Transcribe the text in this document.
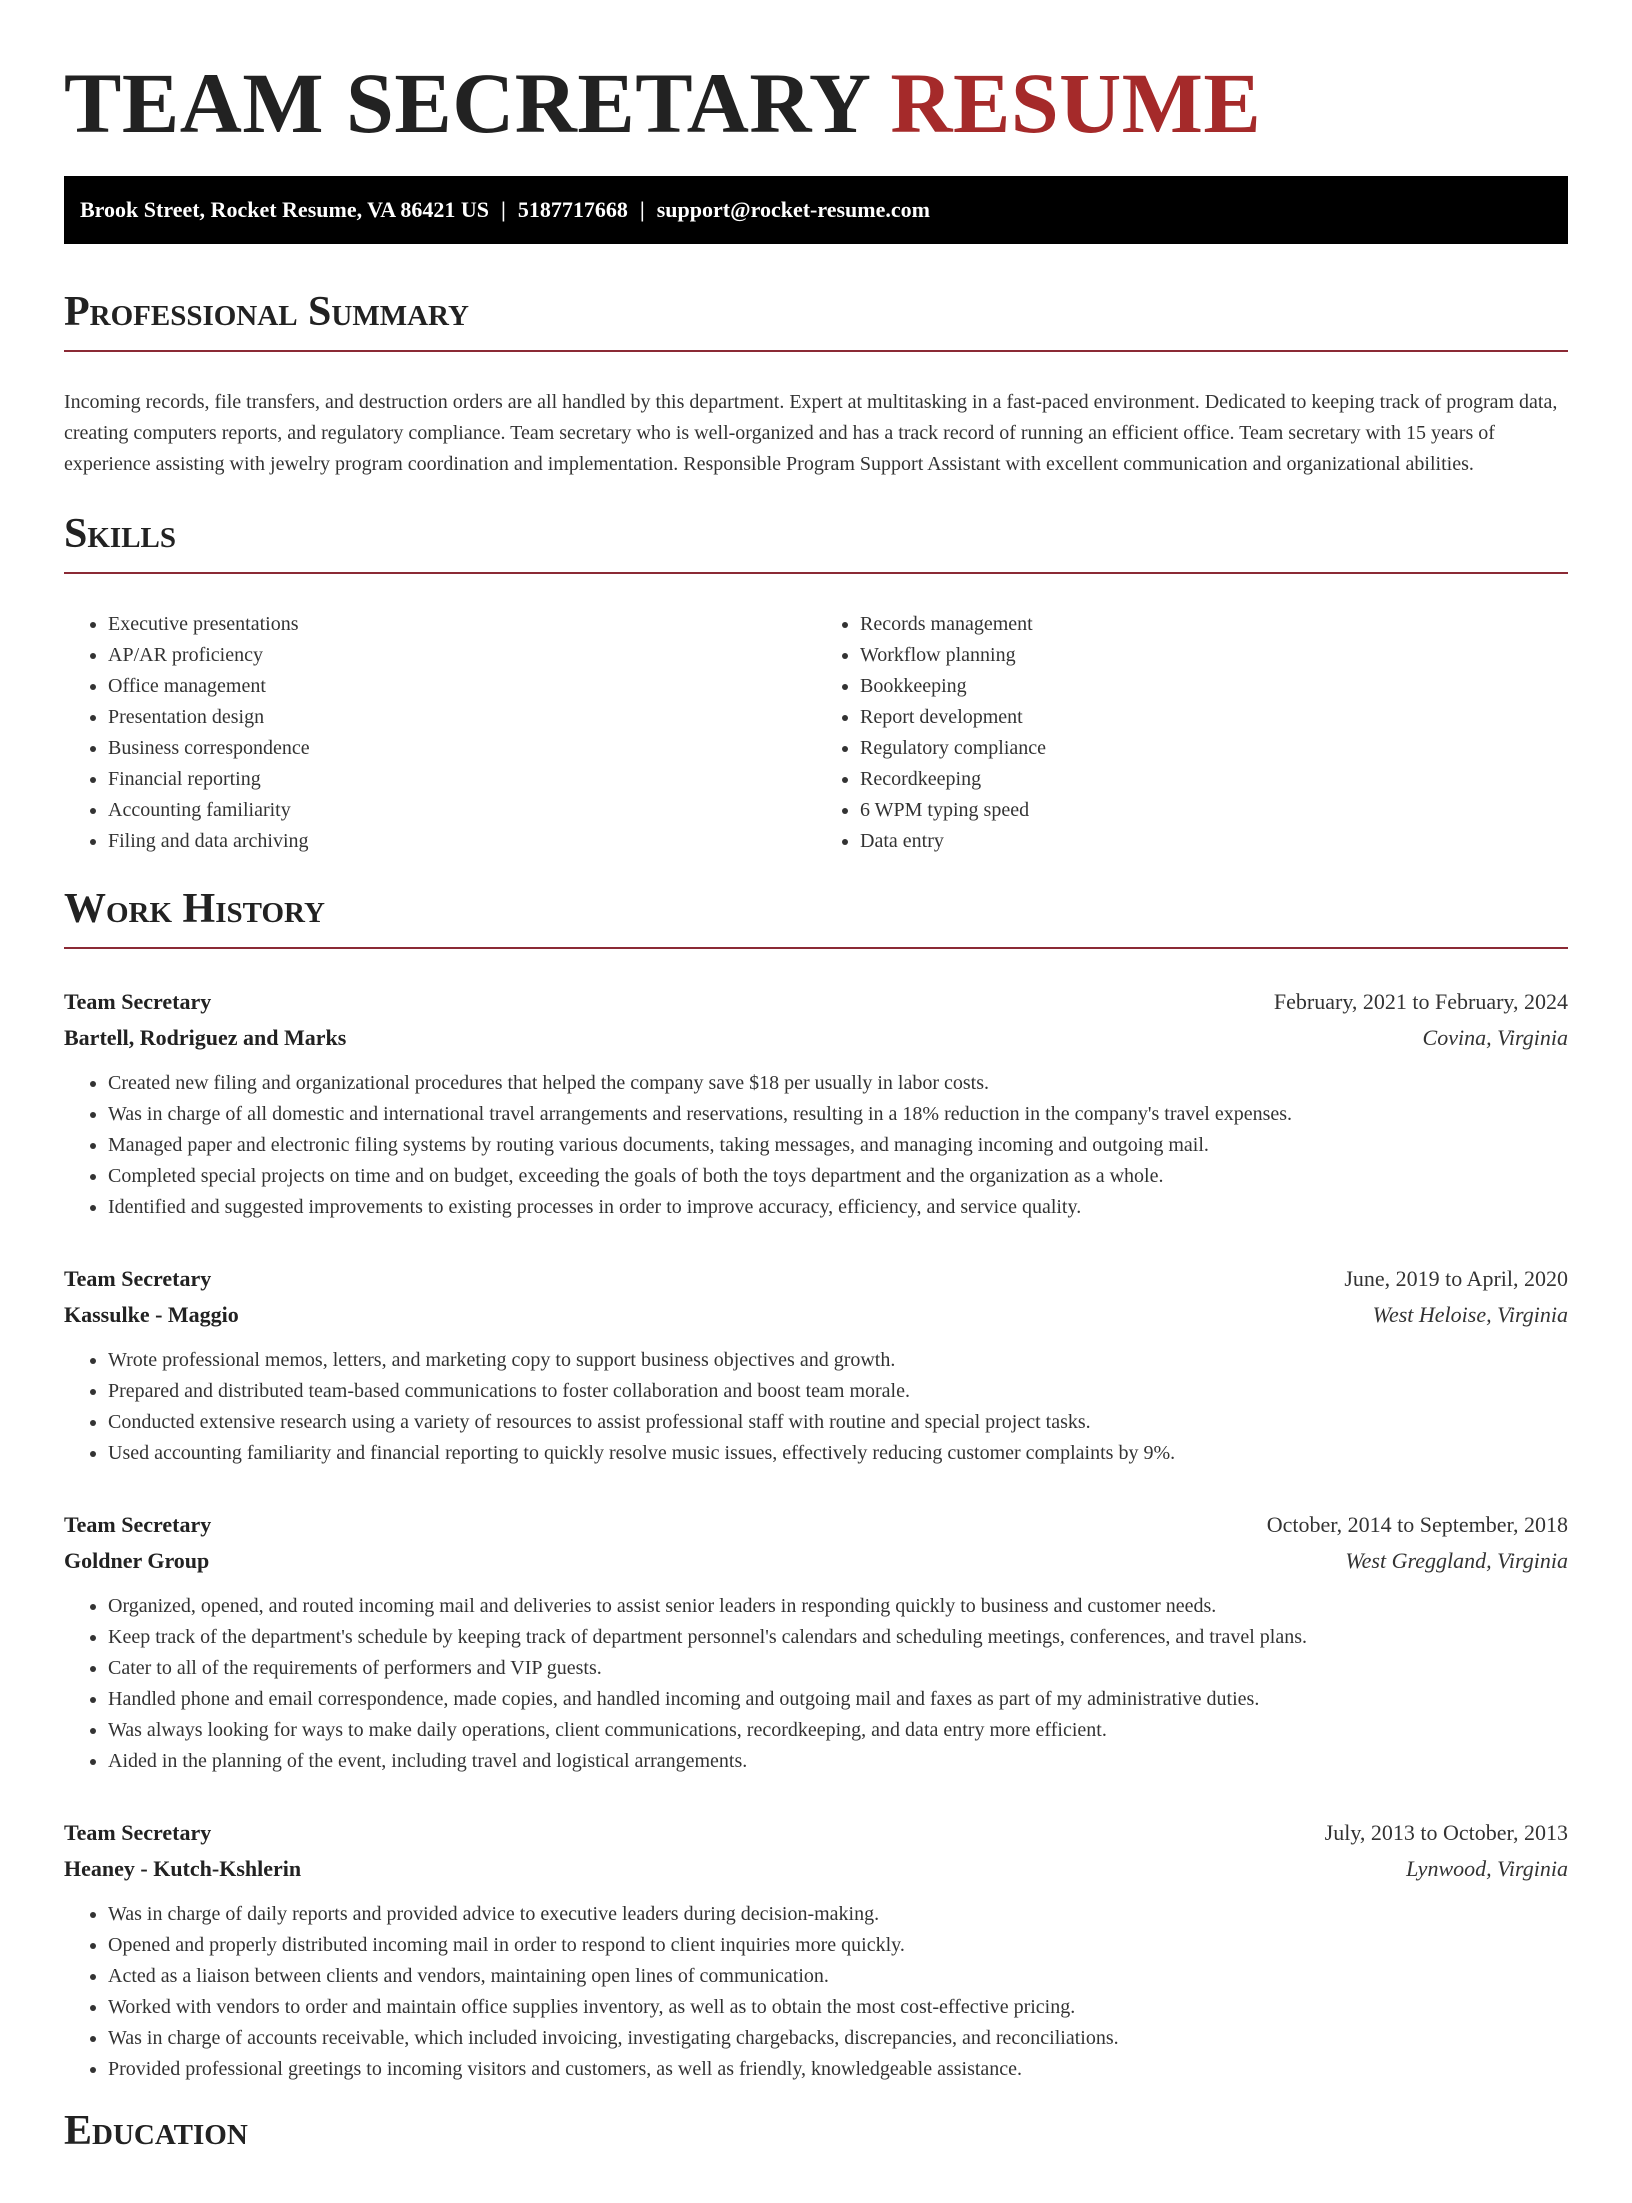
TEAM SECRETARY RESUME
Brook Street, Rocket Resume, VA 86421 US | 5187717668 | support@rocket-resume.com
Professional Summary

Incoming records, file transfers, and destruction orders are all handled by this department. Expert at multitasking in a fast-paced environment. Dedicated to keeping track of program data, creating computers reports, and regulatory compliance. Team secretary who is well-organized and has a track record of running an efficient office. Team secretary with 15 years of experience assisting with jewelry program coordination and implementation. Responsible Program Support Assistant with excellent communication and organizational abilities.

Skills
• Executive presentations
• AP/AR proficiency
• Office management
• Presentation design
• Business correspondence
• Financial reporting
• Accounting familiarity
• Filing and data archiving
• Records management
• Workflow planning
• Bookkeeping
• Report development
• Regulatory compliance
• Recordkeeping
• 6 WPM typing speed
• Data entry
Work History
Team Secretary	February, 2021 to February, 2024
Bartell, Rodriguez and Marks	Covina, Virginia
• Created new filing and organizational procedures that helped the company save $18 per usually in labor costs.
• Was in charge of all domestic and international travel arrangements and reservations, resulting in a 18% reduction in the company's travel expenses.
• Managed paper and electronic filing systems by routing various documents, taking messages, and managing incoming and outgoing mail.
• Completed special projects on time and on budget, exceeding the goals of both the toys department and the organization as a whole.
• Identified and suggested improvements to existing processes in order to improve accuracy, efficiency, and service quality.
Team Secretary	June, 2019 to April, 2020
Kassulke - Maggio	West Heloise, Virginia
• Wrote professional memos, letters, and marketing copy to support business objectives and growth.
• Prepared and distributed team-based communications to foster collaboration and boost team morale.
• Conducted extensive research using a variety of resources to assist professional staff with routine and special project tasks.
• Used accounting familiarity and financial reporting to quickly resolve music issues, effectively reducing customer complaints by 9%.
Team Secretary	October, 2014 to September, 2018
Goldner Group	West Greggland, Virginia
• Organized, opened, and routed incoming mail and deliveries to assist senior leaders in responding quickly to business and customer needs.
• Keep track of the department's schedule by keeping track of department personnel's calendars and scheduling meetings, conferences, and travel plans.
• Cater to all of the requirements of performers and VIP guests.
• Handled phone and email correspondence, made copies, and handled incoming and outgoing mail and faxes as part of my administrative duties.
• Was always looking for ways to make daily operations, client communications, recordkeeping, and data entry more efficient.
• Aided in the planning of the event, including travel and logistical arrangements.
Team Secretary	July, 2013 to October, 2013
Heaney - Kutch-Kshlerin	Lynwood, Virginia
• Was in charge of daily reports and provided advice to executive leaders during decision-making.
• Opened and properly distributed incoming mail in order to respond to client inquiries more quickly.
• Acted as a liaison between clients and vendors, maintaining open lines of communication.
• Worked with vendors to order and maintain office supplies inventory, as well as to obtain the most cost-effective pricing.
• Was in charge of accounts receivable, which included invoicing, investigating chargebacks, discrepancies, and reconciliations.
• Provided professional greetings to incoming visitors and customers, as well as friendly, knowledgeable assistance.
Education
